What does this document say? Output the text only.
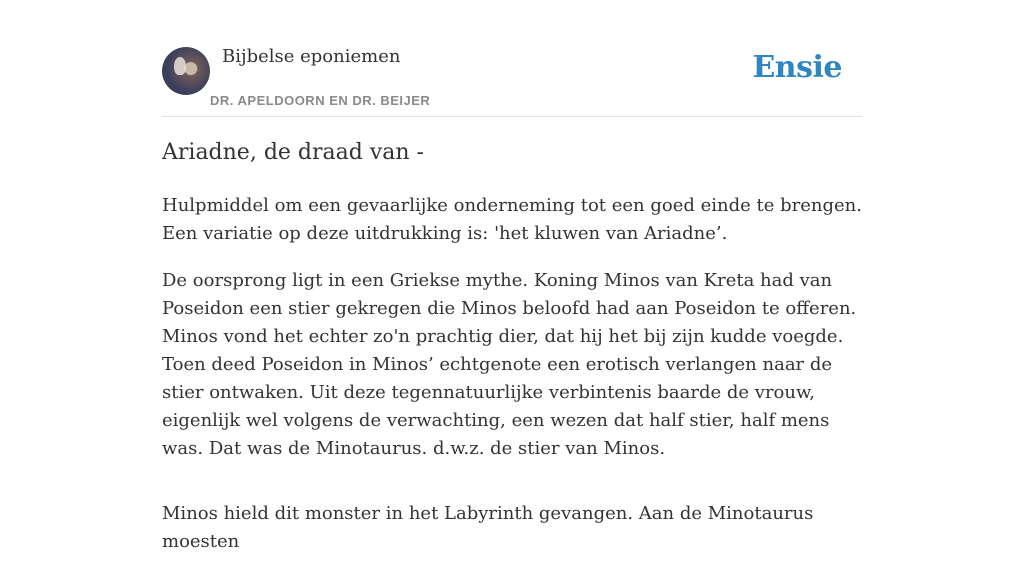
Bijbelse eponiemen
DR. APELDOORN EN DR. BEIJER
Ensie
Ariadne, de draad van -

Hulpmiddel om een gevaarlijke onderneming tot een goed einde te brengen. Een variatie op deze uitdrukking is: 'het kluwen van Ariadne’.

De oorsprong ligt in een Griekse mythe. Koning Minos van Kreta had van Poseidon een stier gekregen die Minos beloofd had aan Poseidon te offeren. Minos vond het echter zo'n prachtig dier, dat hij het bij zijn kudde voegde. Toen deed Poseidon in Minos’ echtgenote een erotisch verlangen naar de stier ontwaken. Uit deze tegennatuurlijke verbintenis baarde de vrouw, eigenlijk wel volgens de verwachting, een wezen dat half stier, half mens was. Dat was de Minotaurus. d.w.z. de stier van Minos.

Minos hield dit monster in het Labyrinth gevangen. Aan de Minotaurus moesten
